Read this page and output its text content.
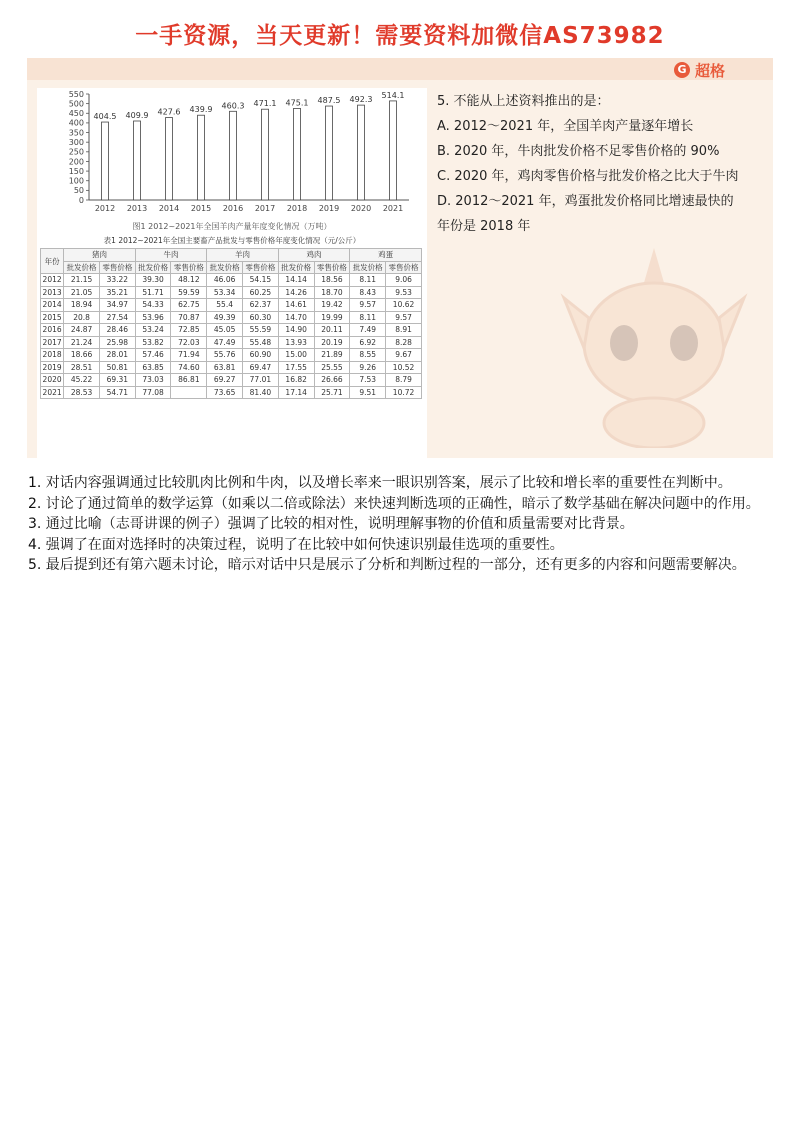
一手资源，当天更新！需要资料加微信AS73982
G 超格
0
50
100
150
200
250
300
350
400
450
500
550
404.5
2012
409.9
2013
427.6
2014
439.9
2015
460.3
2016
471.1
2017
475.1
2018
487.5
2019
492.3
2020
514.1
2021
图1 2012~2021年全国羊肉产量年度变化情况（万吨）
表1 2012~2021年全国主要畜产品批发与零售价格年度变化情况（元/公斤）
年份	猪肉		牛肉		羊肉		鸡肉		鸡蛋	
	批发价格	零售价格	批发价格	零售价格	批发价格	零售价格	批发价格	零售价格	批发价格	零售价格
2012	21.15	33.22	39.30	48.12	46.06	54.15	14.14	18.56	8.11	9.06
2013	21.05	35.21	51.71	59.59	53.34	60.25	14.26	18.70	8.43	9.53
2014	18.94	34.97	54.33	62.75	55.4	62.37	14.61	19.42	9.57	10.62
2015	20.8	27.54	53.96	70.87	49.39	60.30	14.70	19.99	8.11	9.57
2016	24.87	28.46	53.24	72.85	45.05	55.59	14.90	20.11	7.49	8.91
2017	21.24	25.98	53.82	72.03	47.49	55.48	13.93	20.19	6.92	8.28
2018	18.66	28.01	57.46	71.94	55.76	60.90	15.00	21.89	8.55	9.67
2019	28.51	50.81	63.85	74.60	63.81	69.47	17.55	25.55	9.26	10.52
2020	45.22	69.31	73.03	86.81	69.27	77.01	16.82	26.66	7.53	8.79
2021	28.53	54.71	77.08		73.65	81.40	17.14	25.71	9.51	10.72
5. 不能从上述资料推出的是：
A. 2012～2021 年，全国羊肉产量逐年增长
B. 2020 年，牛肉批发价格不足零售价格的 90%
C. 2020 年，鸡肉零售价格与批发价格之比大于牛肉
D. 2012～2021 年，鸡蛋批发价格同比增速最快的
年份是 2018 年

1. 对话内容强调通过比较肌肉比例和牛肉，以及增长率来一眼识别答案，展示了比较和增长率的重要性在判断中。

2. 讨论了通过简单的数学运算（如乘以二倍或除法）来快速判断选项的正确性，暗示了数学基础在解决问题中的作用。

3. 通过比喻（志哥讲课的例子）强调了比较的相对性，说明理解事物的价值和质量需要对比背景。

4. 强调了在面对选择时的决策过程，说明了在比较中如何快速识别最佳选项的重要性。

5. 最后提到还有第六题未讨论，暗示对话中只是展示了分析和判断过程的一部分，还有更多的内容和问题需要解决。
